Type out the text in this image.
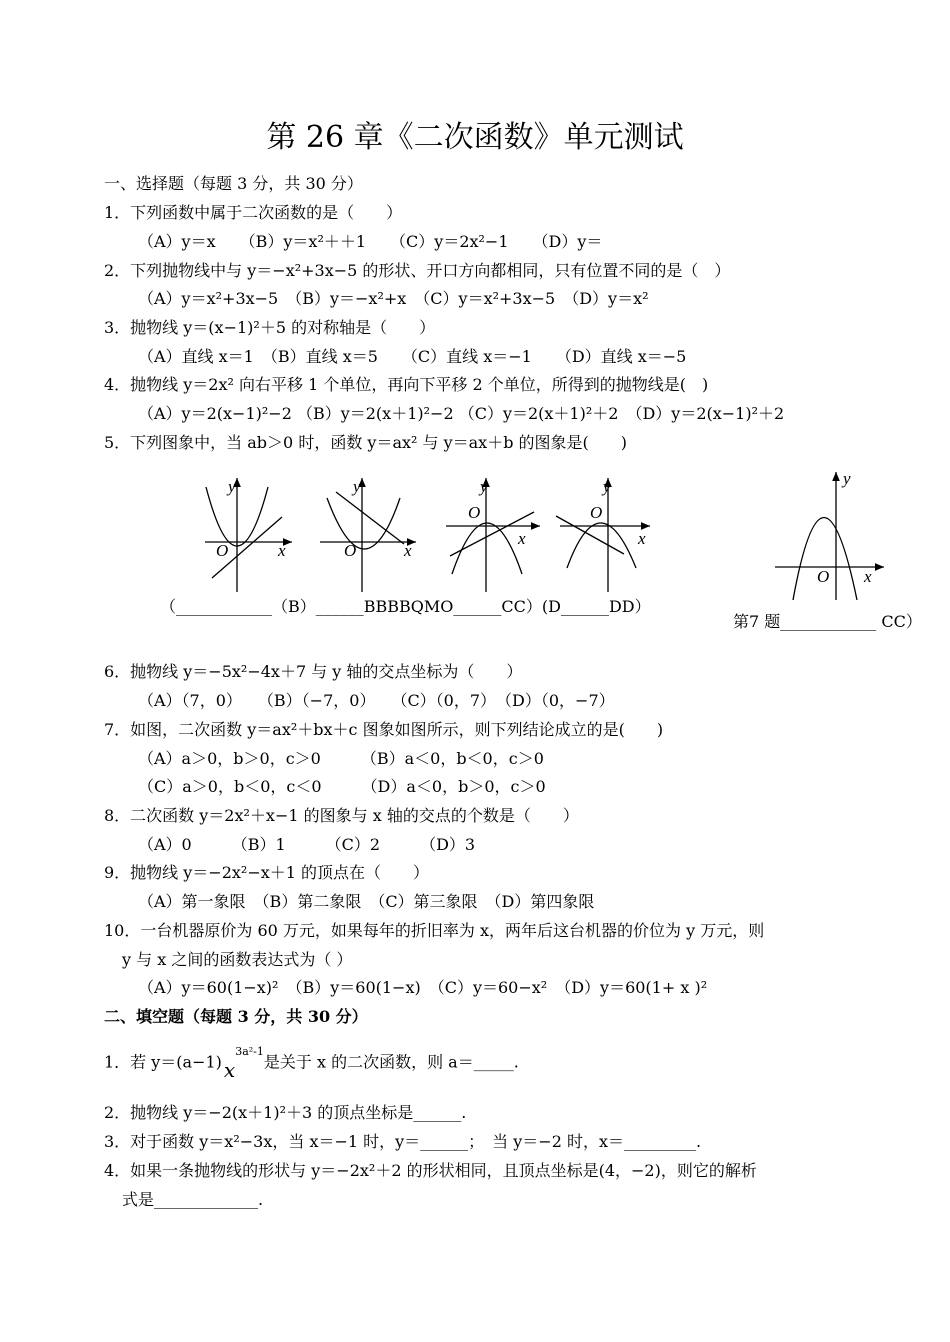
第 26 章《二次函数》单元测试
一、选择题（每题 3 分，共 30 分）
1．下列函数中属于二次函数的是（　　）
（A）y＝x　　（B）y＝x²＋＋1　　（C）y＝2x²−1　　（D）y＝
2．下列抛物线中与 y＝−x²+3x−5 的形状、开口方向都相同，只有位置不同的是（　）
（A）y＝x²+3x−5　（B）y＝−x²+x　（C）y＝x²+3x−5　（D）y＝x²
3．抛物线 y＝(x−1)²＋5 的对称轴是（　　）
（A）直线 x＝1　（B）直线 x＝5　　（C）直线 x＝−1　　（D）直线 x＝−5
4．抛物线 y＝2x² 向右平移 1 个单位，再向下平移 2 个单位，所得到的抛物线是(　)
（A）y＝2(x−1)²−2 （B）y＝2(x＋1)²−2 （C）y＝2(x＋1)²＋2　（D）y＝2(x−1)²＋2
5．下列图象中，当 ab＞0 时，函数 y＝ax² 与 y＝ax＋b 的图象是(　　)
O	x
y
O	x
y
O
x
y
O
x
y
O x
y
（____________（B）______BBBBQMO______CC）(D______DD）
第7 题____________ CC）
6．抛物线 y＝−5x²−4x＋7 与 y 轴的交点坐标为（　　）
（A）（7，0）　　（B）（−7，0）　　（C）（0，7）　（D）（0，−7）
7．如图，二次函数 y＝ax²＋bx＋c 图象如图所示，则下列结论成立的是(　　)
（A）a＞0，b＞0，c＞0　　　（B）a＜0，b＜0，c＞0
（C）a＞0，b＜0，c＜0　　　（D）a＜0，b＞0，c＞0
8．二次函数 y＝2x²＋x−1 的图象与 x 轴的交点的个数是（　　）
（A）0　　　（B）1　　　（C）2　　　（D）3
9．抛物线 y＝−2x²−x＋1 的顶点在（　　）
（A）第一象限　（B）第二象限　（C）第三象限　（D）第四象限
10．一台机器原价为 60 万元，如果每年的折旧率为 x，两年后这台机器的价位为 y 万元，则
y 与 x 之间的函数表达式为（ ）
（A）y＝60(1−x)²　（B）y＝60(1−x)　（C）y＝60−x²　（D）y＝60(1+ x )²
二、填空题（每题 3 分，共 30 分）
1．若 y＝(a−1) $x^{3a^2-1}$是关于 x 的二次函数，则 a＝_____.
2．抛物线 y＝−2(x＋1)²＋3 的顶点坐标是______.
3．对于函数 y＝x²−3x，当 x＝−1 时，y＝______；　当 y＝−2 时，x＝_________.
4．如果一条抛物线的形状与 y＝−2x²＋2 的形状相同，且顶点坐标是(4，−2)，则它的解析
式是_____________.
